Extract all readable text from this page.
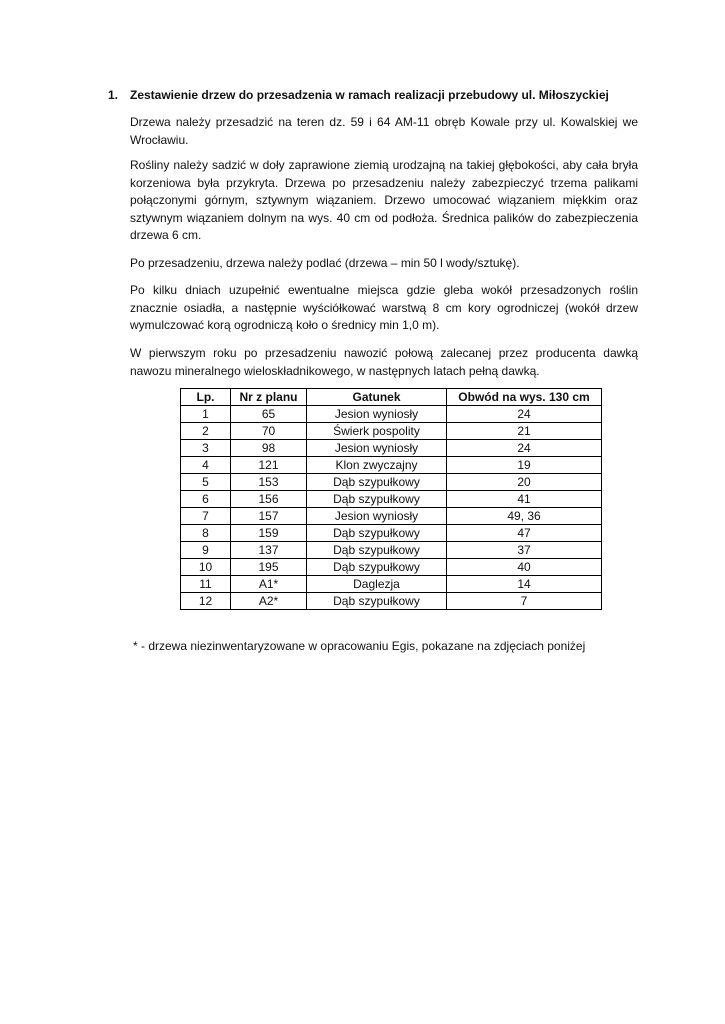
1. Zestawienie drzew do przesadzenia w ramach realizacji przebudowy ul. Miłoszyckiej

Drzewa należy przesadzić na teren dz. 59 i 64 AM-11 obręb Kowale przy ul. Kowalskiej we Wrocławiu.

Rośliny należy sadzić w doły zaprawione ziemią urodzajną na takiej głębokości, aby cała bryła korzeniowa była przykryta. Drzewa po przesadzeniu należy zabezpieczyć trzema palikami połączonymi górnym, sztywnym wiązaniem. Drzewo umocować wiązaniem miękkim oraz sztywnym wiązaniem dolnym na wys. 40 cm od podłoża. Średnica palików do zabezpieczenia drzewa 6 cm.

Po przesadzeniu, drzewa należy podlać (drzewa – min 50 l wody/sztukę).

Po kilku dniach uzupełnić ewentualne miejsca gdzie gleba wokół przesadzonych roślin znacznie osiadła, a następnie wyściółkować warstwą 8 cm kory ogrodniczej (wokół drzew wymulczować korą ogrodniczą koło o średnicy min 1,0 m).

W pierwszym roku po przesadzeniu nawozić połową zalecanej przez producenta dawką nawozu mineralnego wieloskładnikowego, w następnych latach pełną dawką.

Lp.	Nr z planu	Gatunek	Obwód na wys. 130 cm
1	65	Jesion wyniosły	24
2	70	Świerk pospolity	21
3	98	Jesion wyniosły	24
4	121	Klon zwyczajny	19
5	153	Dąb szypułkowy	20
6	156	Dąb szypułkowy	41
7	157	Jesion wyniosły	49, 36
8	159	Dąb szypułkowy	47
9	137	Dąb szypułkowy	37
10	195	Dąb szypułkowy	40
11	A1*	Daglezja	14
12	A2*	Dąb szypułkowy	7
* - drzewa niezinwentaryzowane w opracowaniu Egis, pokazane na zdjęciach poniżej
